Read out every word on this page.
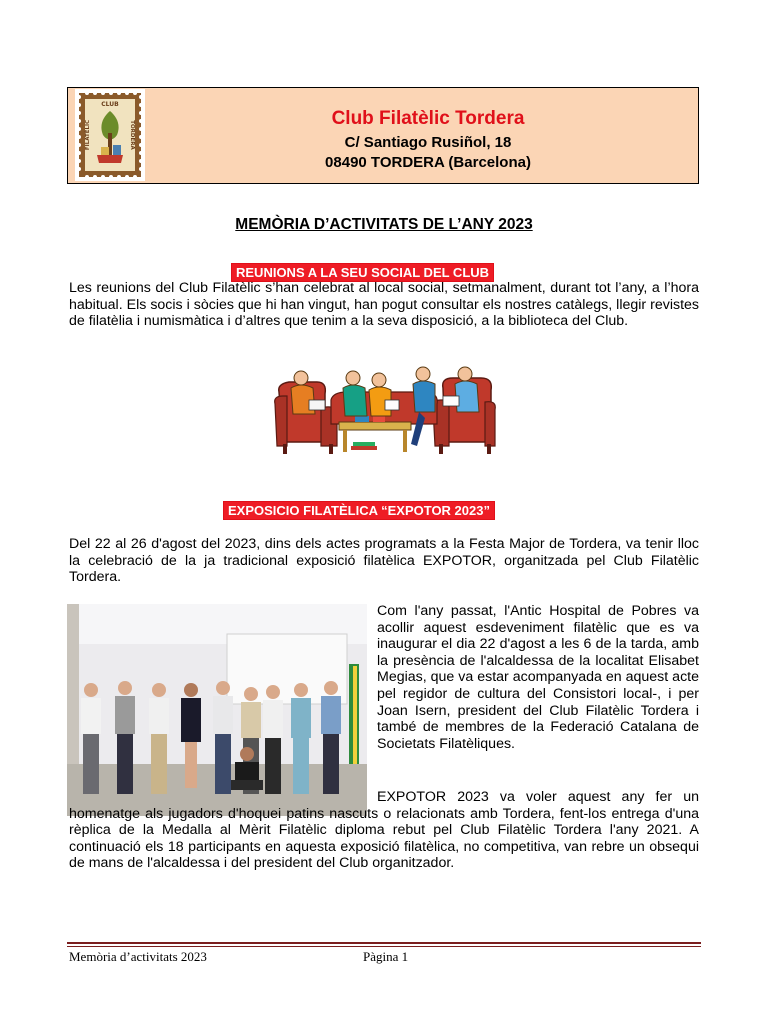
CLUB
FILATÈLIC	TORDERA
Club Filatèlic Tordera
C/ Santiago Rusiñol, 18
08490 TORDERA (Barcelona)
MEMÒRIA D’ACTIVITATS DE L’ANY 2023
REUNIONS A LA SEU SOCIAL DEL CLUB

Les reunions del Club Filatèlic s’han celebrat al local social, setmanalment, durant tot l’any, a l’hora habitual. Els socis i sòcies que hi han vingut, han pogut consultar els nostres catàlegs, llegir revistes de filatèlia i numismàtica i d’altres que tenim a la seva disposició, a la biblioteca del Club.

EXPOSICIO FILATÈLICA “EXPOTOR 2023”

Del 22 al 26 d'agost del 2023, dins dels actes programats a la Festa Major de Tordera, va tenir lloc la celebració de la ja tradicional exposició filatèlica EXPOTOR, organitzada pel Club Filatèlic Tordera.

Com l'any passat, l'Antic Hospital de Pobres va acollir aquest esdeveniment filatèlic que es va inaugurar el dia 22 d'agost a les 6 de la tarda, amb la presència de l'alcaldessa de la localitat Elisabet Megias, que va estar acompanyada en aquest acte pel regidor de cultura del Consistori local-, i per Joan Isern, president del Club Filatèlic Tordera i també de membres de la Federació Catalana de Societats Filatèliques.

EXPOTOR 2023 va voler aquest any fer un homenatge als jugadors d'hoquei patins nascuts o relacionats amb Tordera, fent-los entrega d'una rèplica de la Medalla al Mèrit Filatèlic diploma rebut pel Club Filatèlic Tordera l'any 2021. A continuació els 18 participants en aquesta exposició filatèlica, no competitiva, van rebre un obsequi de mans de l'alcaldessa i del president del Club organitzador.

Memòria d’activitats 2023	Pàgina 1
